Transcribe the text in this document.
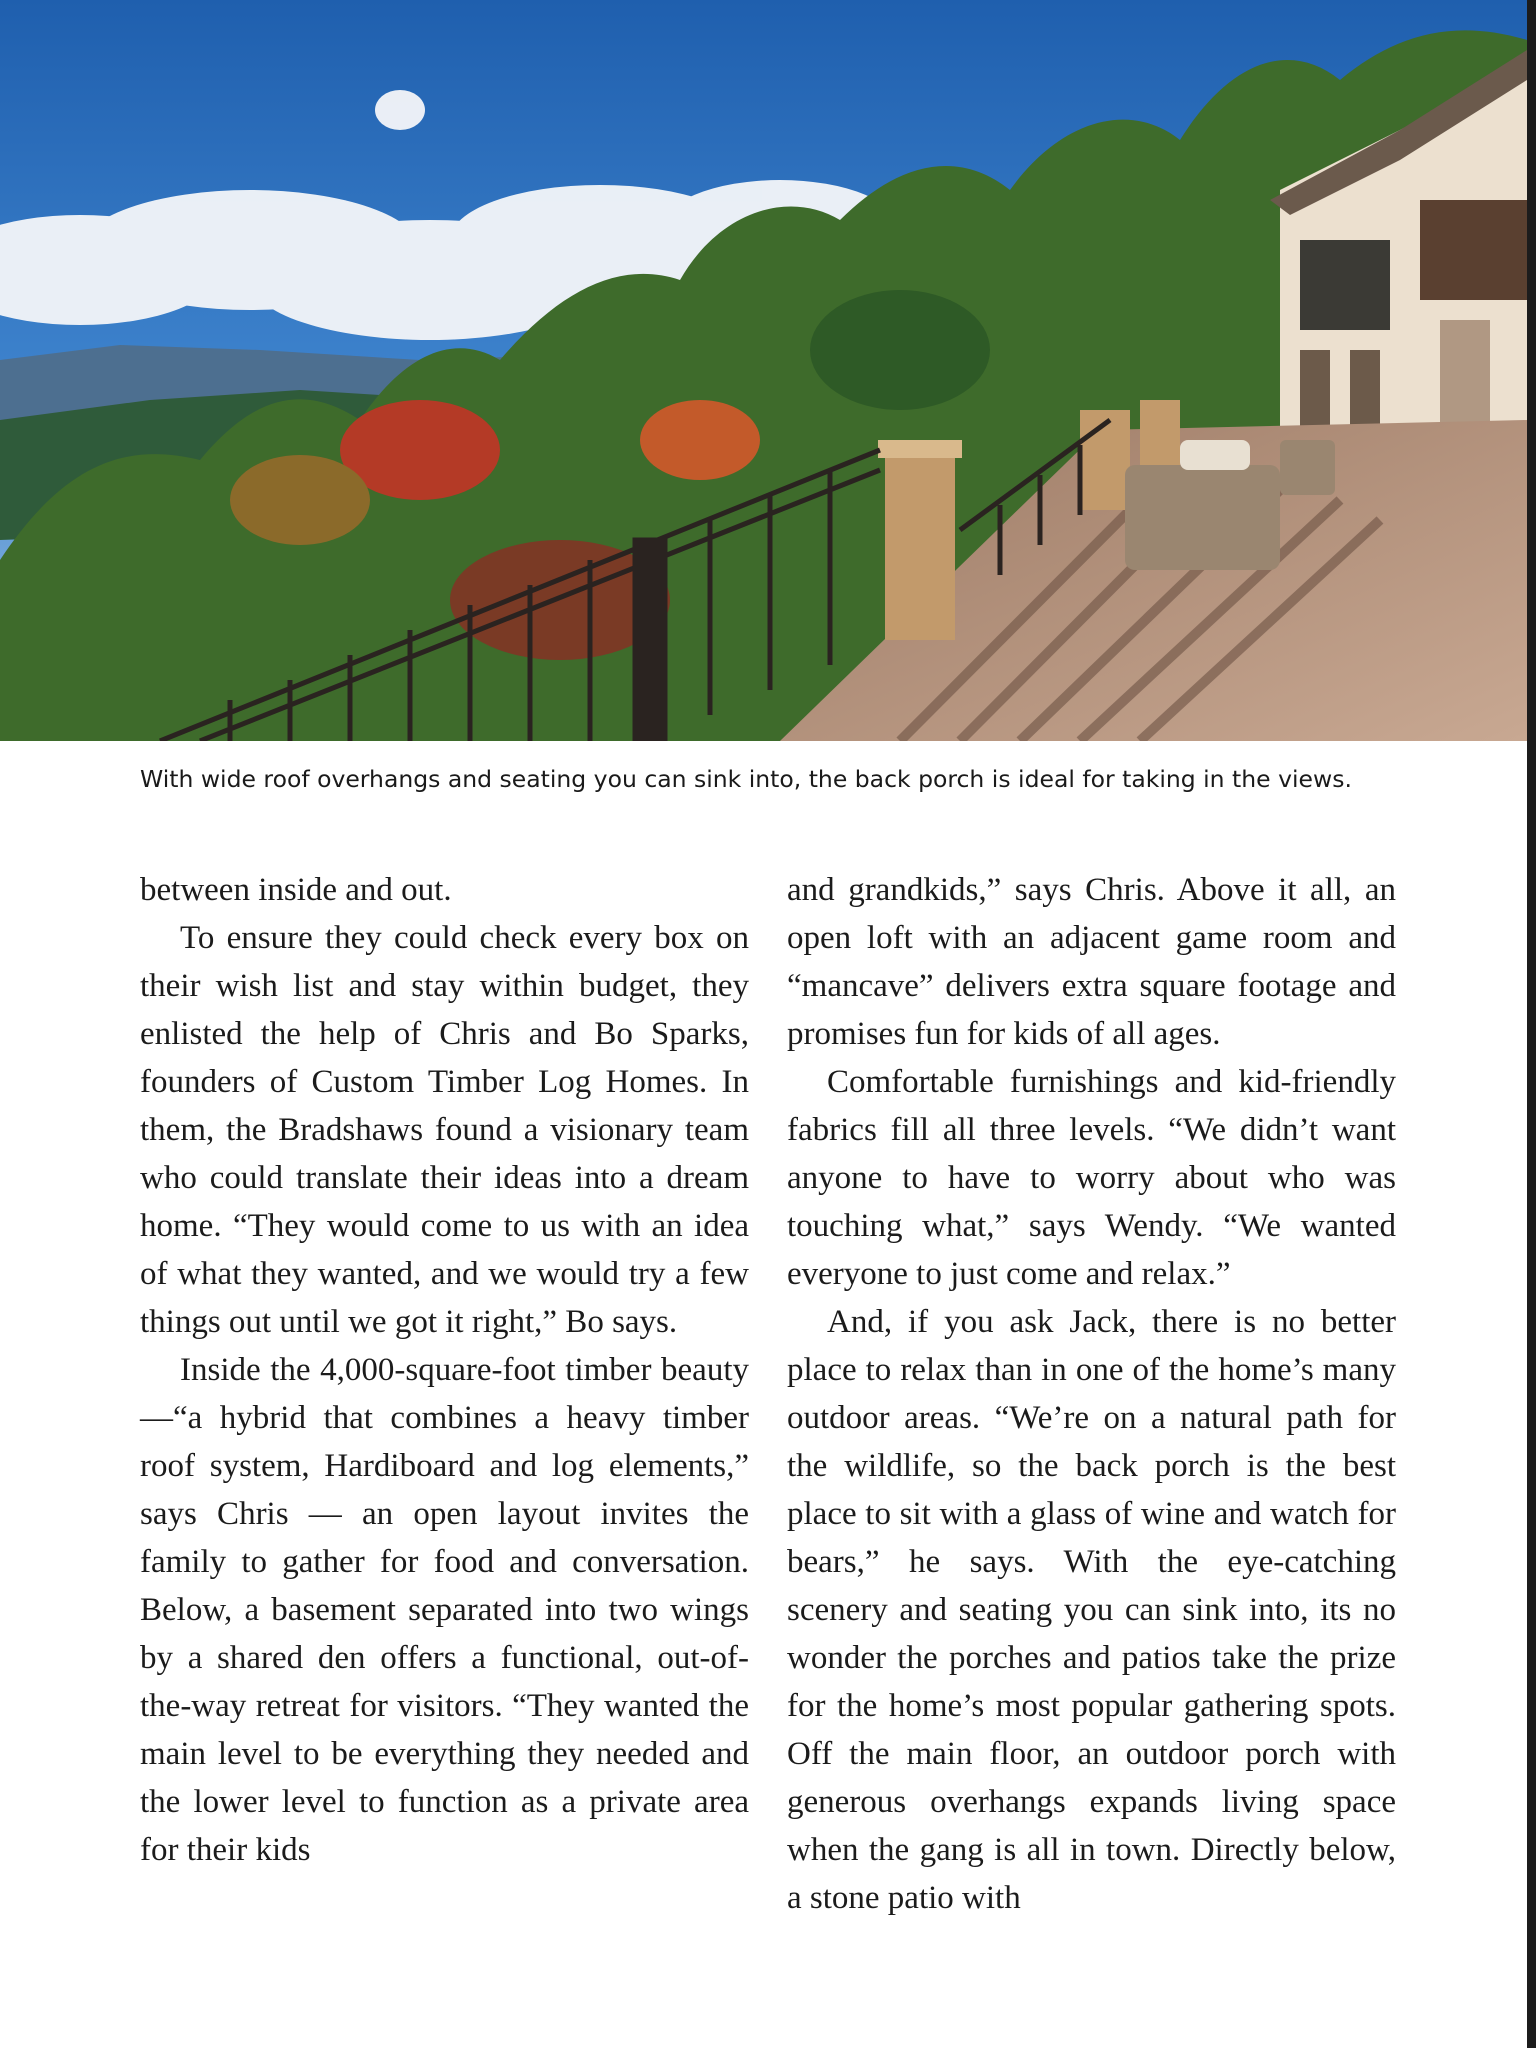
With wide roof overhangs and seating you can sink into, the back porch is ideal for taking in the views.

between inside and out.

To ensure they could check every box on their wish list and stay within budget, they enlisted the help of Chris and Bo Sparks, founders of Custom Timber Log Homes. In them, the Bradshaws found a visionary team who could translate their ideas into a dream home. “They would come to us with an idea of what they wanted, and we would try a few things out until we got it right,” Bo says.

Inside the 4,000-square-foot timber beauty —“a hybrid that combines a heavy timber roof system, Hardiboard and log elements,” says Chris — an open layout invites the family to gather for food and conversation. Below, a basement separated into two wings by a shared den offers a functional, out-of-the-way retreat for visitors. “They wanted the main level to be everything they needed and the lower level to function as a private area for their kids

and grandkids,” says Chris. Above it all, an open loft with an adjacent game room and “mancave” delivers extra square footage and promises fun for kids of all ages.

Comfortable furnishings and kid-friendly fabrics fill all three levels. “We didn’t want anyone to have to worry about who was touching what,” says Wendy. “We wanted everyone to just come and relax.”

And, if you ask Jack, there is no better place to relax than in one of the home’s many outdoor areas. “We’re on a natural path for the wildlife, so the back porch is the best place to sit with a glass of wine and watch for bears,” he says. With the eye-catching scenery and seating you can sink into, its no wonder the porches and patios take the prize for the home’s most popular gathering spots. Off the main floor, an outdoor porch with generous overhangs expands living space when the gang is all in town. Directly below, a stone patio with
